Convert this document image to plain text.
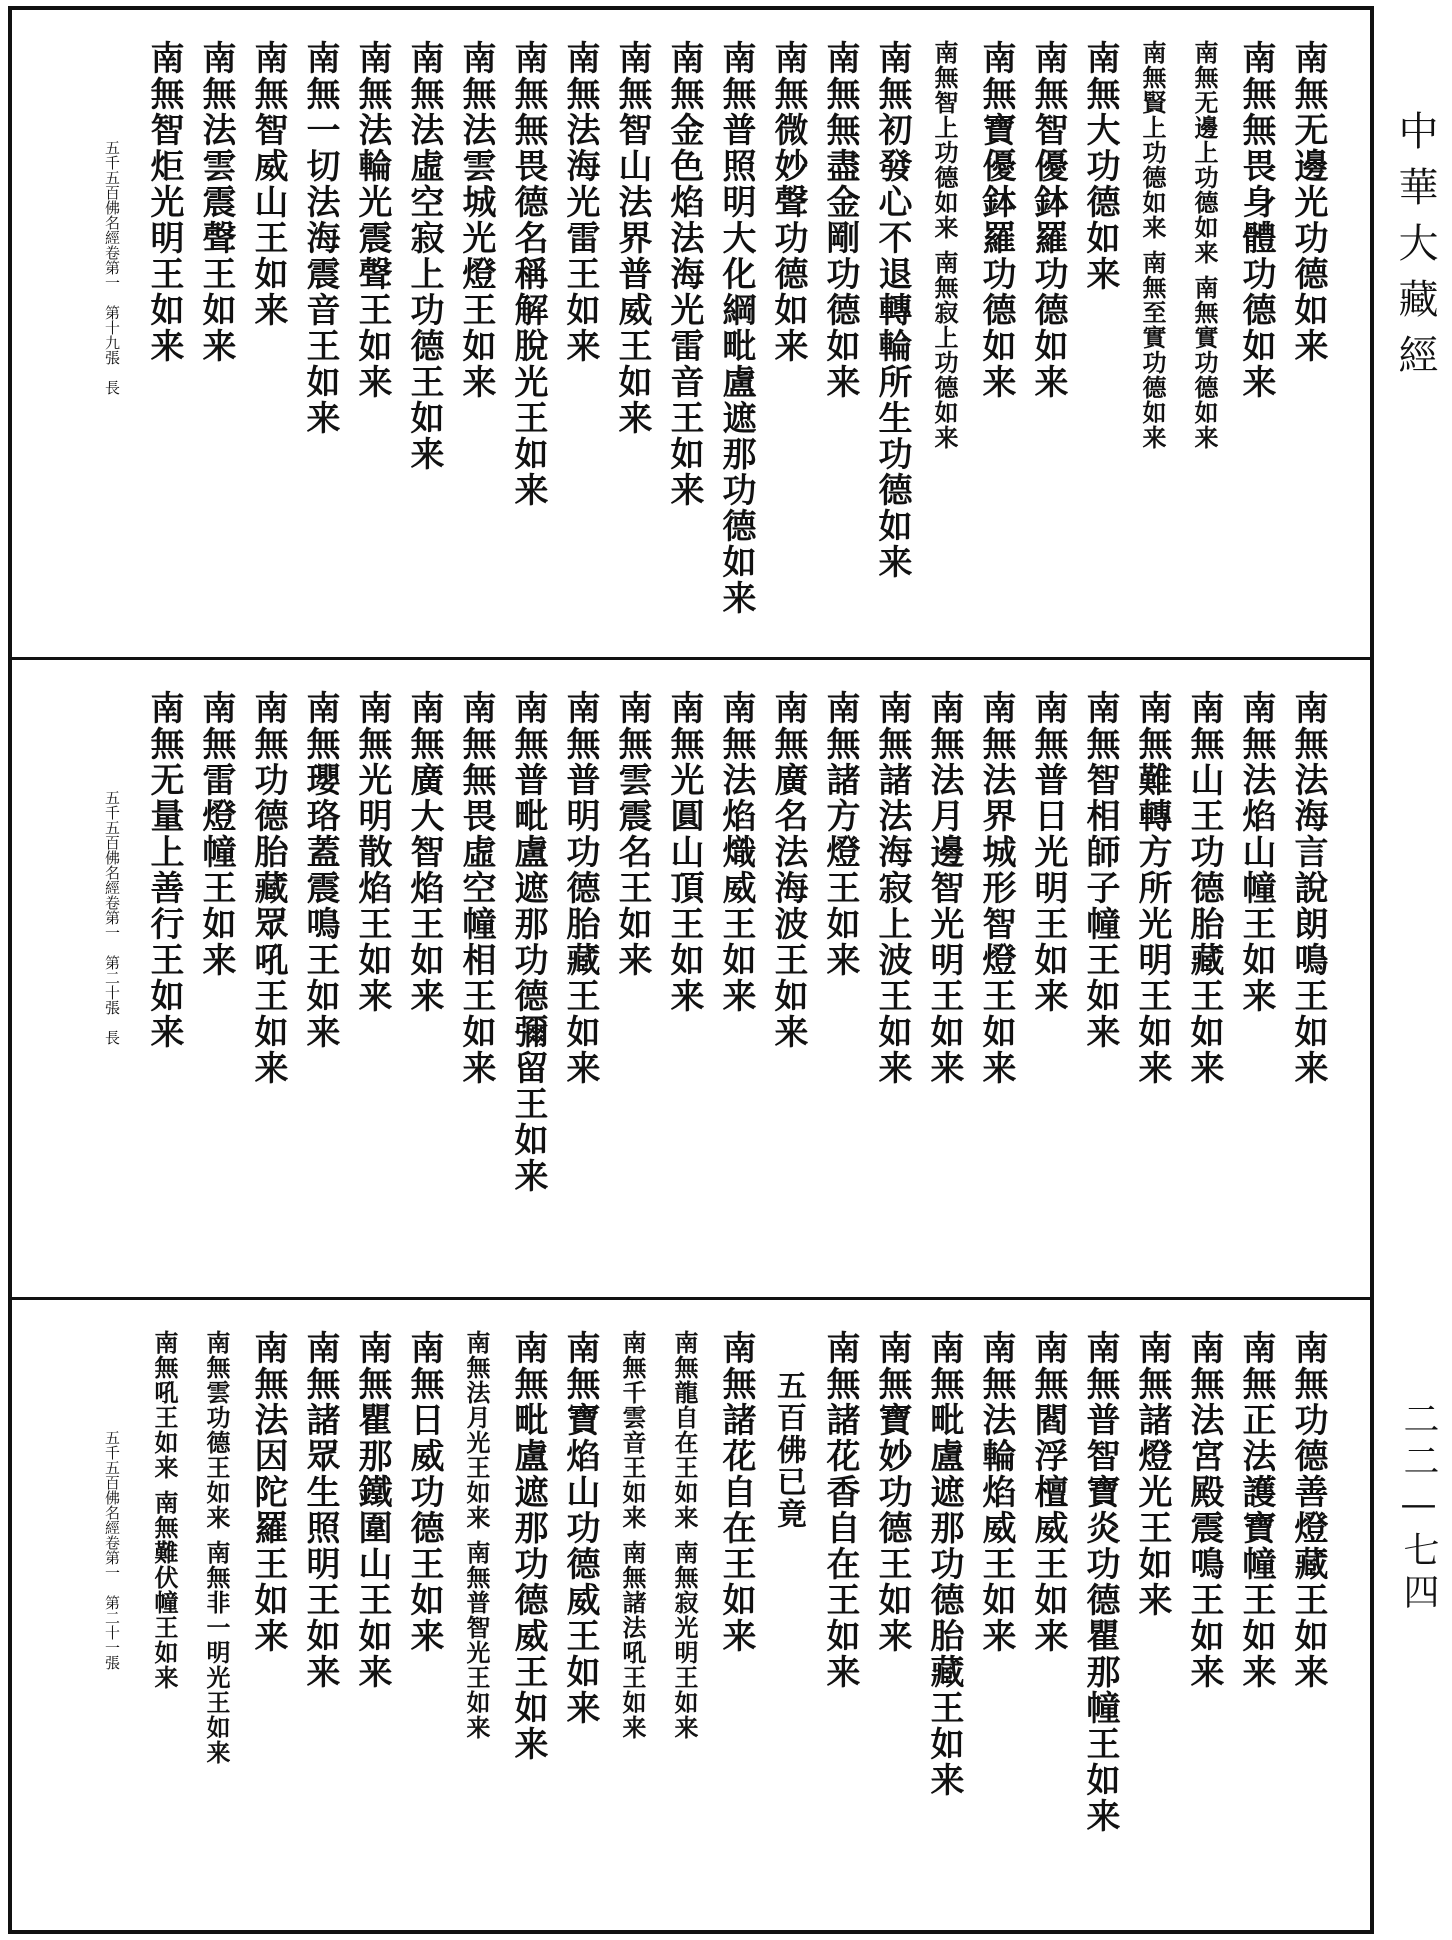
南無无邊光功德如来
南無無畏身體功德如来
南無无邊上功德如来
南無實功德如来
南無賢上功德如来
南無至實功德如来
南無大功德如来
南無智優鉢羅功德如来
南無寶優鉢羅功德如来
南無智上功德如来
南無寂上功德如来
南無初發心不退轉輪所生功德如来
南無無盡金剛功德如来
南無微妙聲功德如来
南無普照明大化綱毗盧遮那功德如来
南無金色焰法海光雷音王如来
南無智山法界普威王如来
南無法海光雷王如来
南無無畏德名稱解脫光王如来
南無法雲城光燈王如来
南無法虛空寂上功德王如来
南無法輪光震聲王如来
南無一切法海震音王如来
南無智威山王如来
南無法雲震聲王如来
南無智炬光明王如来
五千五百佛名經卷第一　第十九張　長
南無法海言說朗鳴王如来
南無法焰山幢王如来
南無山王功德胎藏王如来
南無難轉方所光明王如来
南無智相師子幢王如来
南無普日光明王如来
南無法界城形智燈王如来
南無法月邊智光明王如来
南無諸法海寂上波王如来
南無諸方燈王如来
南無廣名法海波王如来
南無法焰熾威王如来
南無光圓山頂王如来
南無雲震名王如来
南無普明功德胎藏王如来
南無普毗盧遮那功德彌留王如来
南無無畏虛空幢相王如来
南無廣大智焰王如来
南無光明散焰王如来
南無瓔珞蓋震鳴王如来
南無功德胎藏眾吼王如来
南無雷燈幢王如来
南無无量上善行王如来
五千五百佛名經卷第一　第二十張　長
南無功德善燈藏王如来
南無正法護寶幢王如来
南無法宮殿震鳴王如来
南無諸燈光王如来
南無普智寶炎功德瞿那幢王如来
南無閻浮檀威王如来
南無法輪焰威王如来
南無毗盧遮那功德胎藏王如来
南無寶妙功德王如来
南無諸花香自在王如来
五百佛已竟
南無諸花自在王如来
南無龍自在王如来
南無寂光明王如来
南無千雲音王如来
南無諸法吼王如来
南無寶焰山功德威王如来
南無毗盧遮那功德威王如来
南無法月光王如来
南無普智光王如来
南無日威功德王如来
南無瞿那鐵圍山王如来
南無諸眾生照明王如来
南無法因陀羅王如来
南無雲功德王如来
南無非一明光王如来
南無吼王如来
南無難伏幢王如来
五千五百佛名經卷第一　第二十一張
中華大藏經
二二—七四
